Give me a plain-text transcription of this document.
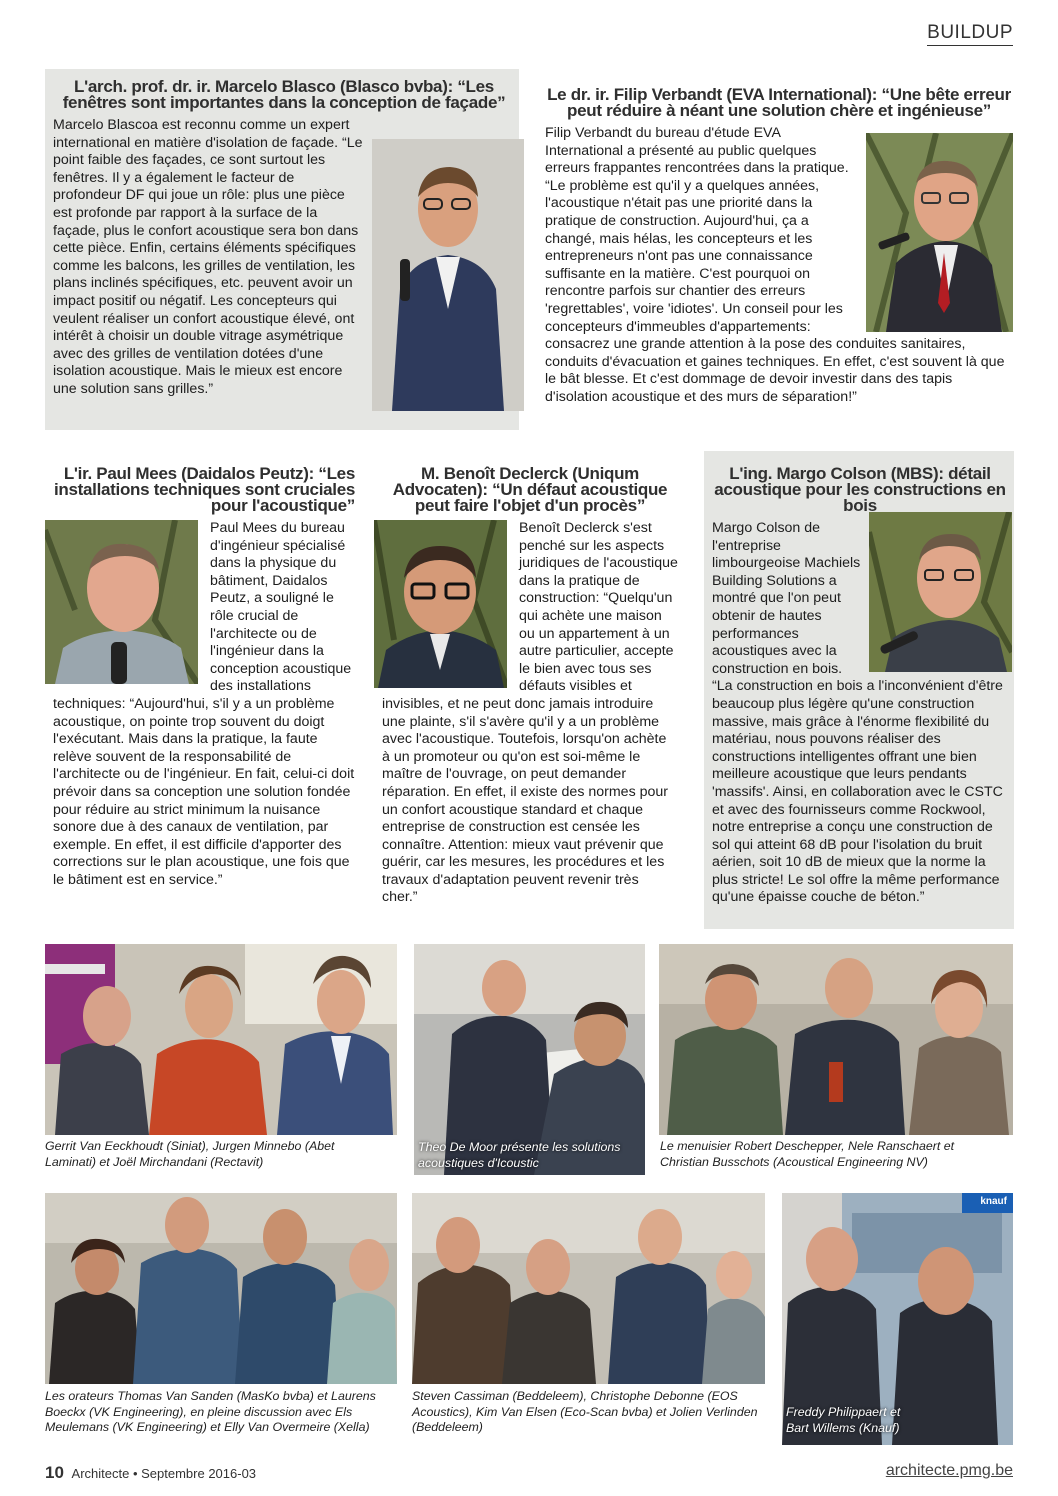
BUILDUP
L'arch. prof. dr. ir. Marcelo Blasco (Blasco bvba): “Les fenêtres sont importantes dans la conception de façade”

Marcelo Blascoa est reconnu comme un expert international en matière d'isolation de façade. “Le point faible des façades, ce sont surtout les fenêtres. Il y a également le facteur de profondeur DF qui joue un rôle: plus une pièce est profonde par rapport à la surface de la façade, plus le confort acoustique sera bon dans cette pièce. Enfin, certains éléments spécifiques comme les balcons, les grilles de ventilation, les plans inclinés spécifiques, etc. peuvent avoir un impact positif ou négatif. Les concepteurs qui veulent réaliser un confort acoustique élevé, ont intérêt à choisir un double vitrage asymétrique avec des grilles de ventilation dotées d'une isolation acoustique. Mais le mieux est encore une solution sans grilles.”

Le dr. ir. Filip Verbandt (EVA International): “Une bête erreur peut réduire à néant une solution chère et ingénieuse”

Filip Verbandt du bureau d'étude EVA International a présenté au public quelques erreurs frappantes rencontrées dans la pratique. “Le problème est qu'il y a quelques années, l'acoustique n'était pas une priorité dans la pratique de construction. Aujourd'hui, ça a changé, mais hélas, les concepteurs et les entrepreneurs n'ont pas une connaissance suffisante en la matière. C'est pourquoi on rencontre parfois sur chantier des erreurs 'regrettables', voire 'idiotes'. Un conseil pour les concepteurs d'immeubles d'appartements: consacrez une grande attention à la pose des conduites sanitaires, conduits d'évacuation et gaines techniques. En effet, c'est souvent là que le bât blesse. Et c'est dommage de devoir investir dans des tapis d'isolation acoustique et des murs de séparation!”

L'ir. Paul Mees (Daidalos Peutz): “Les installations techniques sont cruciales pour l'acoustique”

Paul Mees du bureau d'ingénieur spécialisé dans la physique du bâtiment, Daidalos Peutz, a souligné le rôle crucial de l'architecte ou de l'ingénieur dans la conception acoustique des installations techniques: “Aujourd'hui, s'il y a un problème acoustique, on pointe trop souvent du doigt l'exécutant. Mais dans la pratique, la faute relève souvent de la responsabilité de l'architecte ou de l'ingénieur. En fait, celui-ci doit prévoir dans sa conception une solution fondée pour réduire au strict minimum la nuisance sonore due à des canaux de ventilation, par exemple. En effet, il est difficile d'apporter des corrections sur le plan acoustique, une fois que le bâtiment est en service.”

M. Benoît Declerck (Uniqum Advocaten): “Un défaut acoustique peut faire l'objet d'un procès”

Benoît Declerck s'est penché sur les aspects juridiques de l'acoustique dans la pratique de construction: “Quelqu'un qui achète une maison ou un appartement à un autre particulier, accepte le bien avec tous ses défauts visibles et invisibles, et ne peut donc jamais introduire une plainte, s'il s'avère qu'il y a un problème avec l'acoustique. Toutefois, lorsqu'on achète à un promoteur ou qu'on est soi-même le maître de l'ouvrage, on peut demander réparation. En effet, il existe des normes pour un confort acoustique standard et chaque entreprise de construction est censée les connaître. Attention: mieux vaut prévenir que guérir, car les mesures, les procédures et les travaux d'adaptation peuvent revenir très cher.”

L'ing. Margo Colson (MBS): détail acoustique pour les constructions en bois

Margo Colson de l'entreprise limbourgeoise Machiels Building Solutions a montré que l'on peut obtenir de hautes performances acoustiques avec la construction en bois. “La construction en bois a l'inconvénient d'être beaucoup plus légère qu'une construction massive, mais grâce à l'énorme flexibilité du matériau, nous pouvons réaliser des constructions intelligentes offrant une bien meilleure acoustique que leurs pendants 'massifs'. Ainsi, en collaboration avec le CSTC et avec des fournisseurs comme Rockwool, notre entreprise a conçu une construction de sol qui atteint 68 dB pour l'isolation du bruit aérien, soit 10 dB de mieux que la norme la plus stricte! Le sol offre la même performance qu'une épaisse couche de béton.”

Gerrit Van Eeckhoudt (Siniat), Jurgen Minnebo (Abet Laminati) et Joël Mirchandani (Rectavit)
Theo De Moor présente les solutions acoustiques d'Icoustic
Le menuisier Robert Deschepper, Nele Ranschaert et Christian Busschots (Acoustical Engineering NV)
Les orateurs Thomas Van Sanden (MasKo bvba) et Laurens Boeckx (VK Engineering), en pleine discussion avec Els Meulemans (VK Engineering) et Elly Van Overmeire (Xella)
Steven Cassiman (Beddeleem), Christophe Debonne (EOS Acoustics), Kim Van Elsen (Eco-Scan bvba) et Jolien Verlinden (Beddeleem)
knauf
Freddy Philippaert et Bart Willems (Knauf)
10 Architecte • Septembre 2016-03	architecte.pmg.be
